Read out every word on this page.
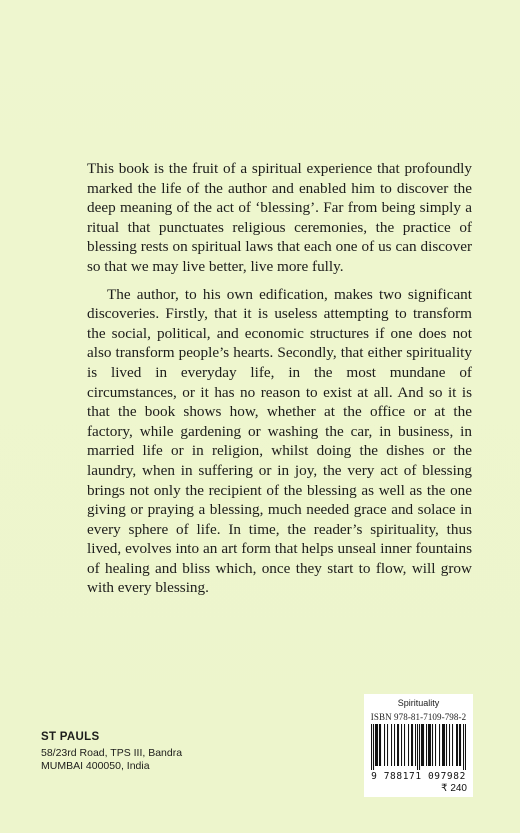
This book is the fruit of a spiritual experience that profoundly marked the life of the author and enabled him to discover the deep meaning of the act of ‘blessing’. Far from being simply a ritual that punctuates religious ceremonies, the practice of blessing rests on spiritual laws that each one of us can discover so that we may live better, live more fully.

The author, to his own edification, makes two significant discoveries. Firstly, that it is useless attempting to transform the social, political, and economic structures if one does not also transform people’s hearts. Secondly, that either spirituality is lived in everyday life, in the most mundane of circumstances, or it has no reason to exist at all. And so it is that the book shows how, whether at the office or at the factory, while gardening or washing the car, in business, in married life or in religion, whilst doing the dishes or the laundry, when in suffering or in joy, the very act of blessing brings not only the recipient of the blessing as well as the one giving or praying a blessing, much needed grace and solace in every sphere of life. In time, the reader’s spirituality, thus lived, evolves into an art form that helps unseal inner fountains of healing and bliss which, once they start to flow, will grow with every blessing.

ST PAULS
58/23rd Road, TPS III, Bandra
MUMBAI 400050, India
Spirituality
ISBN 978-81-7109-798-2
9 788171 097982
₹ 240
